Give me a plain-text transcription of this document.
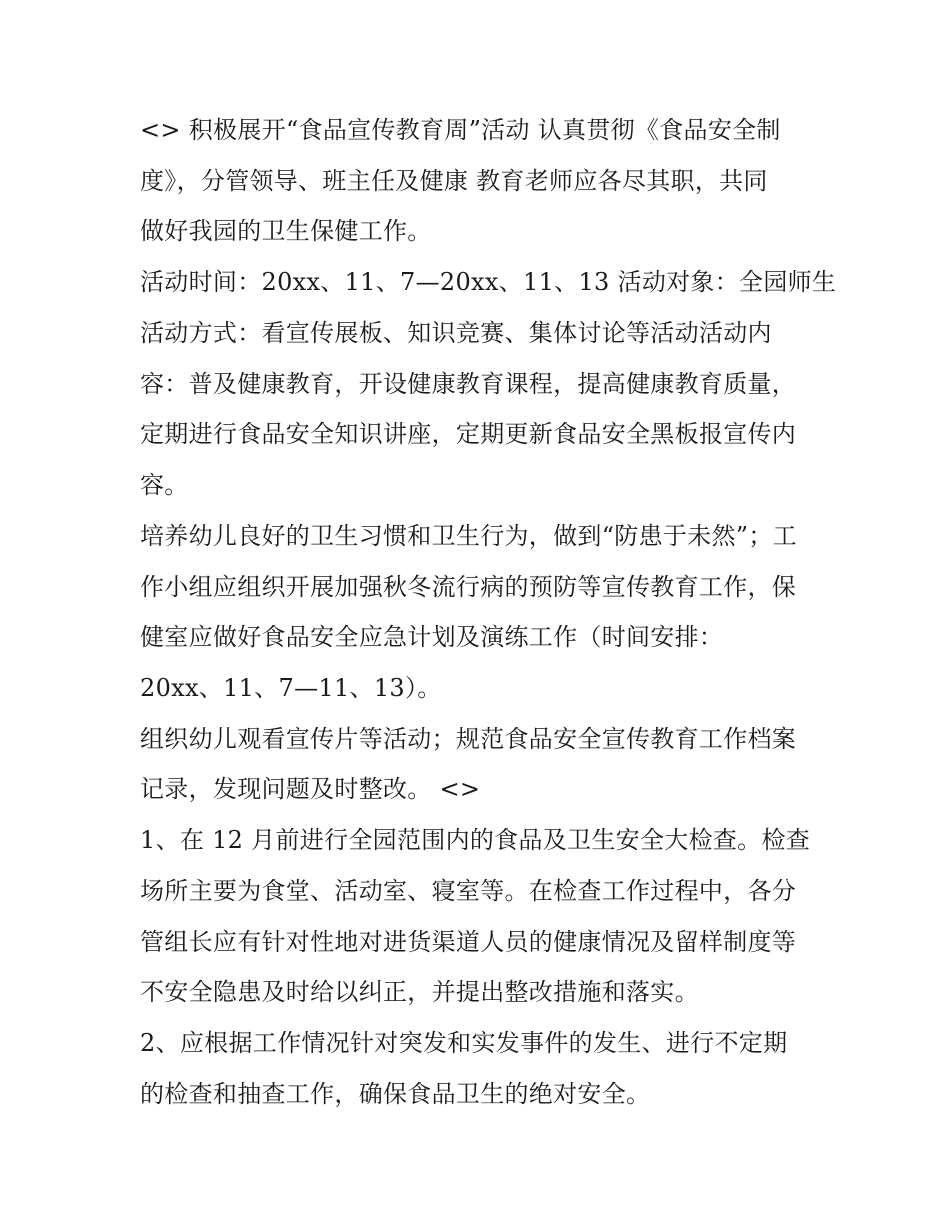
<> 积极展开“食品宣传教育周”活动 认真贯彻《食品安全制
度》，分管领导、班主任及健康 教育老师应各尽其职，共同
做好我园的卫生保健工作。
活动时间：20xx、11、7—20xx、11、13 活动对象：全园师生
活动方式：看宣传展板、知识竞赛、集体讨论等活动活动内
容：普及健康教育，开设健康教育课程，提高健康教育质量，
定期进行食品安全知识讲座，定期更新食品安全黑板报宣传内
容。
培养幼儿良好的卫生习惯和卫生行为，做到“防患于未然”；工
作小组应组织开展加强秋冬流行病的预防等宣传教育工作，保
健室应做好食品安全应急计划及演练工作（时间安排：
20xx、11、7—11、13）。
组织幼儿观看宣传片等活动；规范食品安全宣传教育工作档案
记录，发现问题及时整改。 <>
1、在 12 月前进行全园范围内的食品及卫生安全大检查。检查
场所主要为食堂、活动室、寝室等。在检查工作过程中，各分
管组长应有针对性地对进货渠道人员的健康情况及留样制度等
不安全隐患及时给以纠正，并提出整改措施和落实。
2、应根据工作情况针对突发和实发事件的发生、进行不定期
的检查和抽查工作，确保食品卫生的绝对安全。
